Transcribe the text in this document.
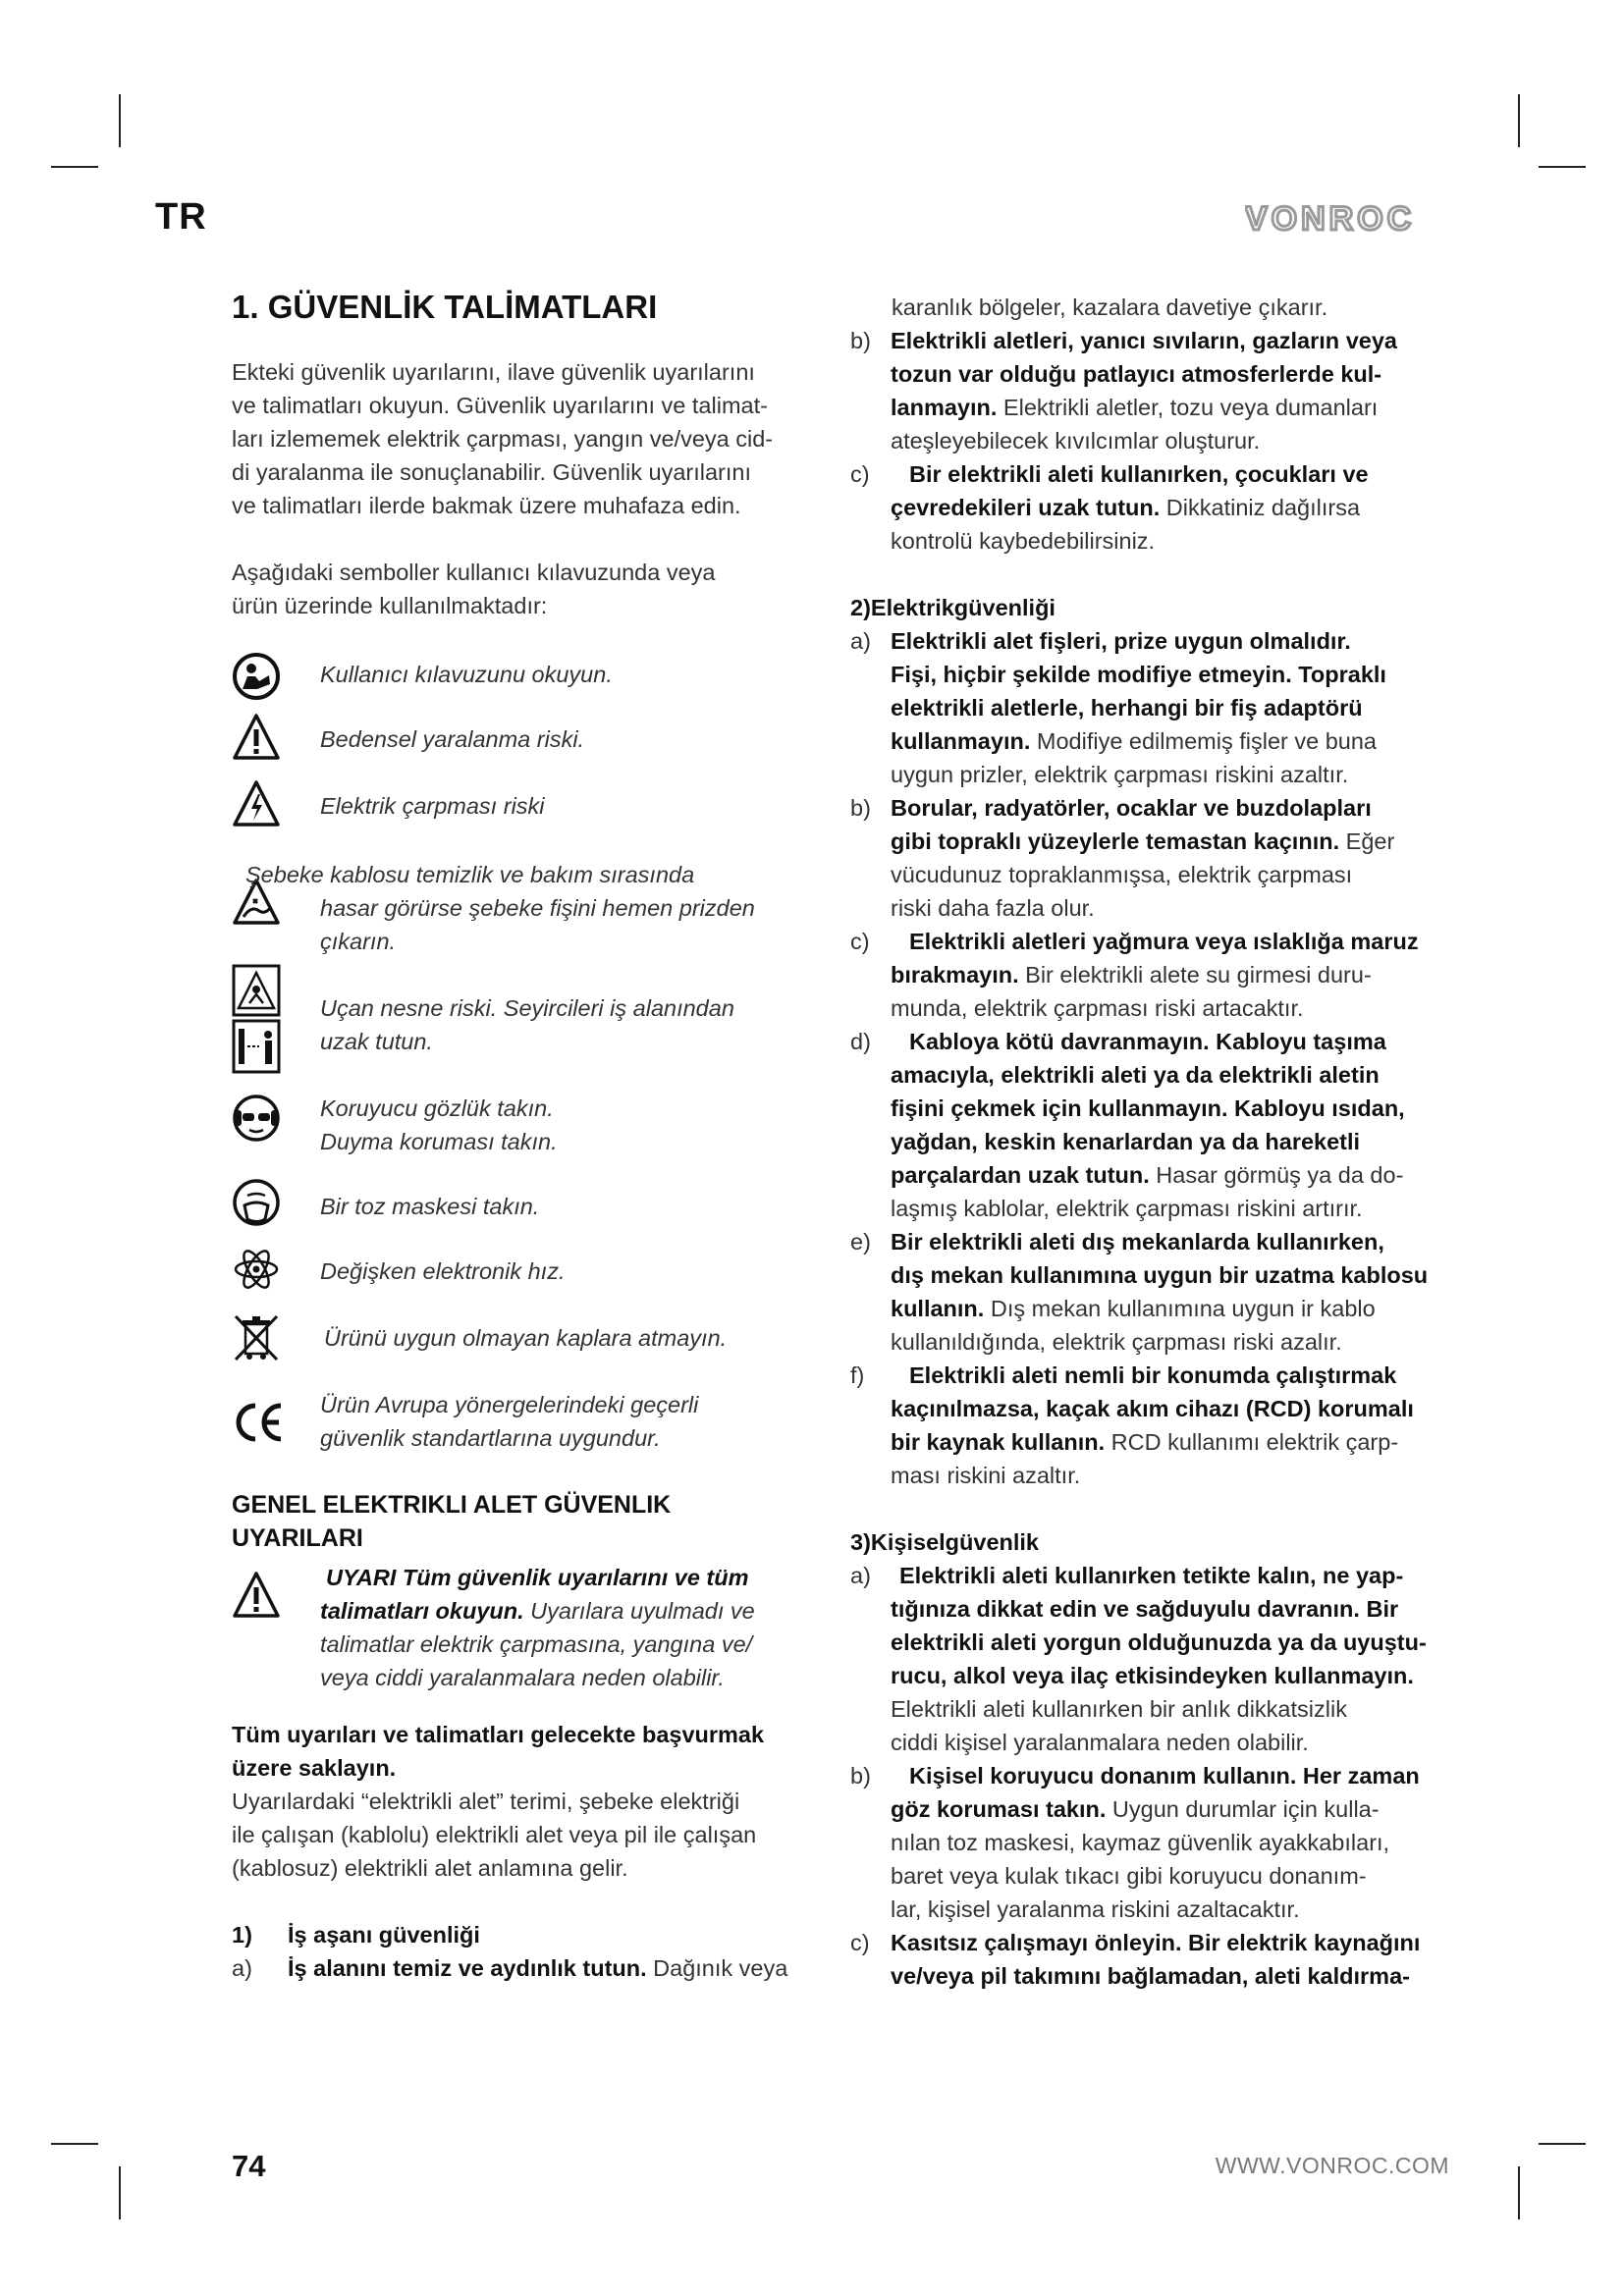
TR	VONROC
1. GÜVENLİK TALİMATLARI
Ekteki güvenlik uyarılarını, ilave güvenlik uyarılarını
ve talimatları okuyun. Güvenlik uyarılarını ve talimat-
ları izlememek elektrik çarpması, yangın ve/veya cid-
di yaralanma ile sonuçlanabilir. Güvenlik uyarılarını
ve talimatları ilerde bakmak üzere muhafaza edin.
Aşağıdaki semboller kullanıcı kılavuzunda veya
ürün üzerinde kullanılmaktadır:
Kullanıcı kılavuzunu okuyun.
Bedensel yaralanma riski.
Elektrik çarpması riski
Şebeke kablosu temizlik ve bakım sırasında
hasar görürse şebeke fişini hemen prizden
çıkarın.
Uçan nesne riski. Seyircileri iş alanından
uzak tutun.
Koruyucu gözlük takın.
Duyma koruması takın.
Bir toz maskesi takın.
Değişken elektronik hız.
Ürünü uygun olmayan kaplara atmayın.
Ürün Avrupa yönergelerindeki geçerli
güvenlik standartlarına uygundur.
GENEL ELEKTRIKLI ALET GÜVENLIK
UYARILARI
UYARI Tüm güvenlik uyarılarını ve tüm
talimatları okuyun. Uyarılara uyulmadı ve
talimatlar elektrik çarpmasına, yangına ve/
veya ciddi yaralanmalara neden olabilir.
Tüm uyarıları ve talimatları gelecekte başvurmak
üzere saklayın.
Uyarılardaki “elektrikli alet” terimi, şebeke elektriği
ile çalışan (kablolu) elektrikli alet veya pil ile çalışan
(kablosuz) elektrikli alet anlamına gelir.
1) İş aşanı güvenliği
a) İş alanını temiz ve aydınlık tutun. Dağınık veya
karanlık bölgeler, kazalara davetiye çıkarır.
b) Elektrikli aletleri, yanıcı sıvıların, gazların veya
tozun var olduğu patlayıcı atmosferlerde kul-
lanmayın. Elektrikli aletler, tozu veya dumanları
ateşleyebilecek kıvılcımlar oluşturur.
c) Bir elektrikli aleti kullanırken, çocukları ve
çevredekileri uzak tutun. Dikkatiniz dağılırsa
kontrolü kaybedebilirsiniz.
2)Elektrikgüvenliği
a) Elektrikli alet fişleri, prize uygun olmalıdır.
Fişi, hiçbir şekilde modifiye etmeyin. Topraklı
elektrikli aletlerle, herhangi bir fiş adaptörü
kullanmayın. Modifiye edilmemiş fişler ve buna
uygun prizler, elektrik çarpması riskini azaltır.
b) Borular, radyatörler, ocaklar ve buzdolapları
gibi topraklı yüzeylerle temastan kaçının. Eğer
vücudunuz topraklanmışsa, elektrik çarpması
riski daha fazla olur.
c) Elektrikli aletleri yağmura veya ıslaklığa maruz
bırakmayın. Bir elektrikli alete su girmesi duru-
munda, elektrik çarpması riski artacaktır.
d) Kabloya kötü davranmayın. Kabloyu taşıma
amacıyla, elektrikli aleti ya da elektrikli aletin
fişini çekmek için kullanmayın. Kabloyu ısıdan,
yağdan, keskin kenarlardan ya da hareketli
parçalardan uzak tutun. Hasar görmüş ya da do-
laşmış kablolar, elektrik çarpması riskini artırır.
e) Bir elektrikli aleti dış mekanlarda kullanırken,
dış mekan kullanımına uygun bir uzatma kablosu
kullanın. Dış mekan kullanımına uygun ir kablo
kullanıldığında, elektrik çarpması riski azalır.
f) Elektrikli aleti nemli bir konumda çalıştırmak
kaçınılmazsa, kaçak akım cihazı (RCD) korumalı
bir kaynak kullanın. RCD kullanımı elektrik çarp-
ması riskini azaltır.
3)Kişiselgüvenlik
a) Elektrikli aleti kullanırken tetikte kalın, ne yap-
tığınıza dikkat edin ve sağduyulu davranın. Bir
elektrikli aleti yorgun olduğunuzda ya da uyuştu-
rucu, alkol veya ilaç etkisindeyken kullanmayın.
Elektrikli aleti kullanırken bir anlık dikkatsizlik
ciddi kişisel yaralanmalara neden olabilir.
b) Kişisel koruyucu donanım kullanın. Her zaman
göz koruması takın. Uygun durumlar için kulla-
nılan toz maskesi, kaymaz güvenlik ayakkabıları,
baret veya kulak tıkacı gibi koruyucu donanım-
lar, kişisel yaralanma riskini azaltacaktır.
c) Kasıtsız çalışmayı önleyin. Bir elektrik kaynağını
ve/veya pil takımını bağlamadan, aleti kaldırma-
74	WWW.VONROC.COM
